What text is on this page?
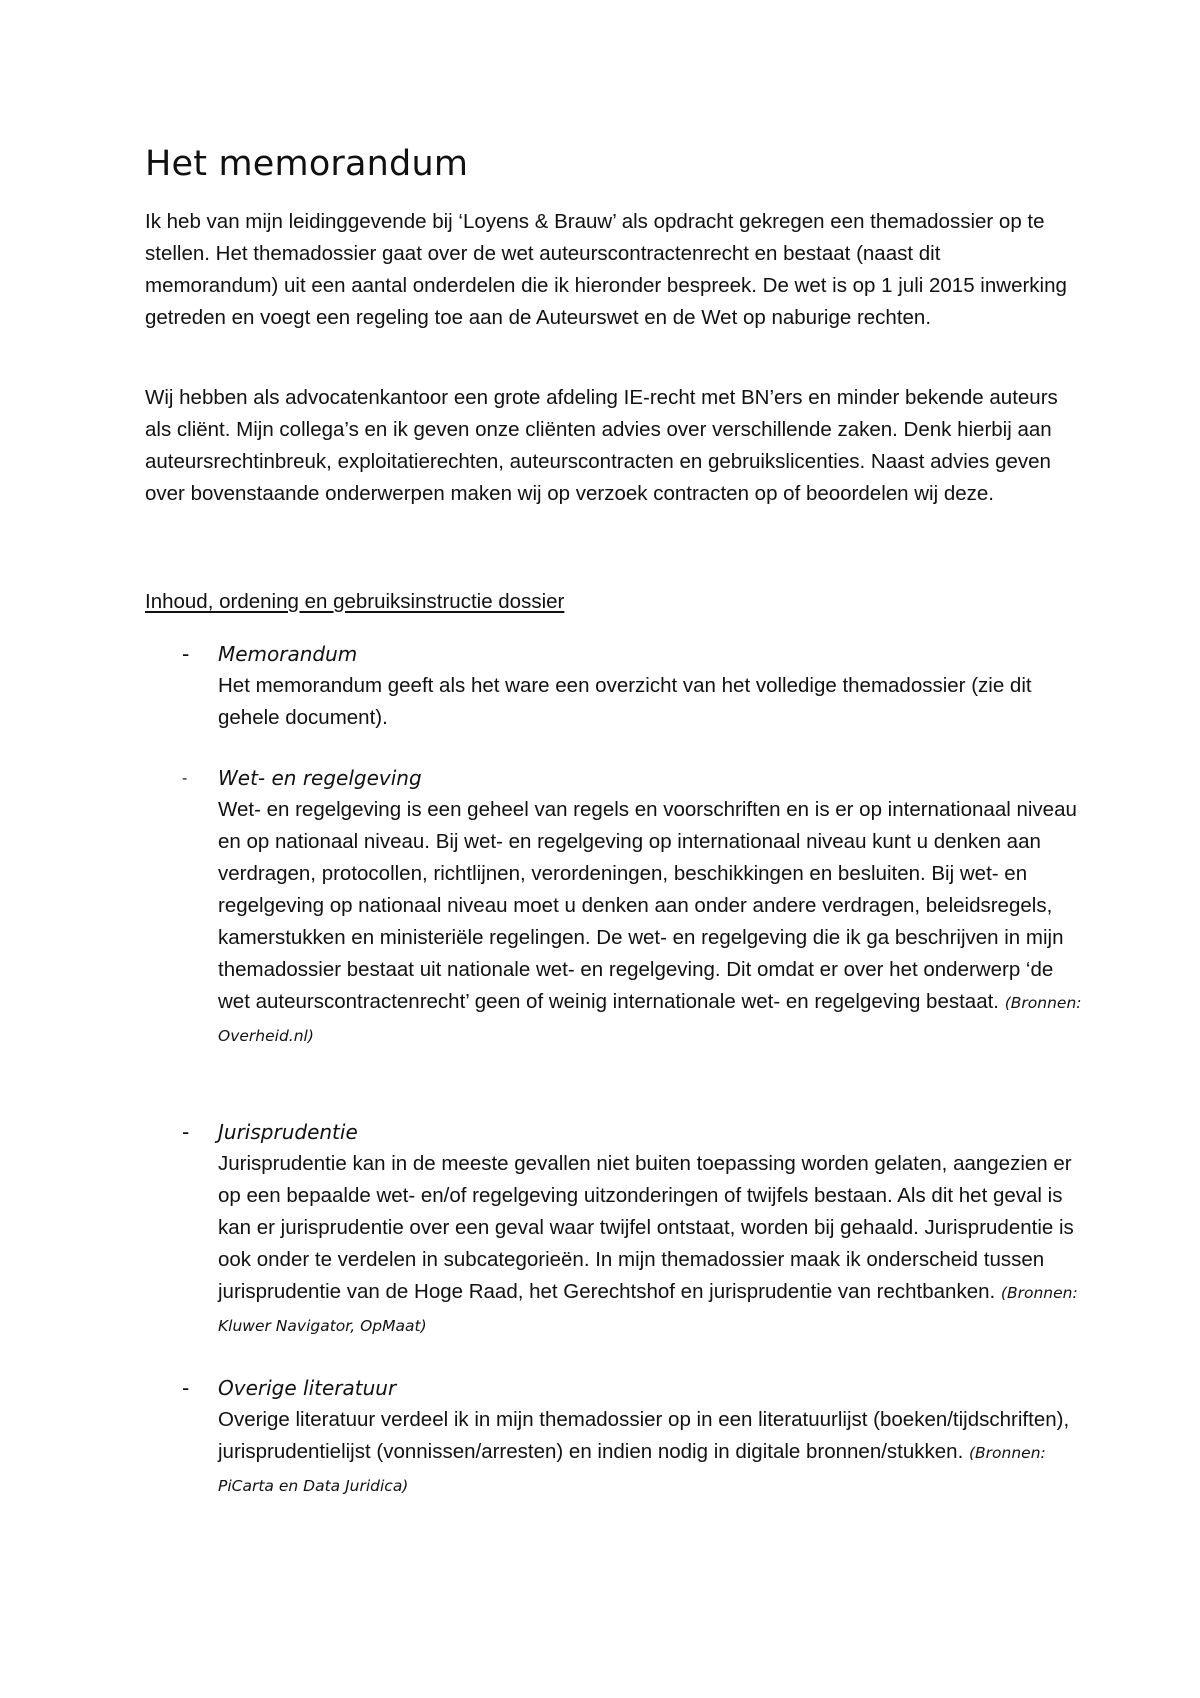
Het memorandum

Ik heb van mijn leidinggevende bij ‘Loyens & Brauw’ als opdracht gekregen een themadossier op te stellen. Het themadossier gaat over de wet auteurscontractenrecht en bestaat (naast dit memorandum) uit een aantal onderdelen die ik hieronder bespreek. De wet is op 1 juli 2015 inwerking getreden en voegt een regeling toe aan de Auteurswet en de Wet op naburige rechten.

Wij hebben als advocatenkantoor een grote afdeling IE-recht met BN’ers en minder bekende auteurs als cliënt. Mijn collega’s en ik geven onze cliënten advies over verschillende zaken. Denk hierbij aan auteursrechtinbreuk, exploitatierechten, auteurscontracten en gebruikslicenties. Naast advies geven over bovenstaande onderwerpen maken wij op verzoek contracten op of beoordelen wij deze.

Inhoud, ordening en gebruiksinstructie dossier
- Memorandum

Het memorandum geeft als het ware een overzicht van het volledige themadossier (zie dit gehele document).

- Wet- en regelgeving

Wet- en regelgeving is een geheel van regels en voorschriften en is er op internationaal niveau en op nationaal niveau. Bij wet- en regelgeving op internationaal niveau kunt u denken aan verdragen, protocollen, richtlijnen, verordeningen, beschikkingen en besluiten. Bij wet- en regelgeving op nationaal niveau moet u denken aan onder andere verdragen, beleidsregels, kamerstukken en ministeriële regelingen. De wet- en regelgeving die ik ga beschrijven in mijn themadossier bestaat uit nationale wet- en regelgeving. Dit omdat er over het onderwerp ‘de wet auteurscontractenrecht’ geen of weinig internationale wet- en regelgeving bestaat. (Bronnen: Overheid.nl)

- Jurisprudentie

Jurisprudentie kan in de meeste gevallen niet buiten toepassing worden gelaten, aangezien er op een bepaalde wet- en/of regelgeving uitzonderingen of twijfels bestaan. Als dit het geval is kan er jurisprudentie over een geval waar twijfel ontstaat, worden bij gehaald. Jurisprudentie is ook onder te verdelen in subcategorieën. In mijn themadossier maak ik onderscheid tussen jurisprudentie van de Hoge Raad, het Gerechtshof en jurisprudentie van rechtbanken. (Bronnen: Kluwer Navigator, OpMaat)

- Overige literatuur

Overige literatuur verdeel ik in mijn themadossier op in een literatuurlijst (boeken/tijdschriften), jurisprudentielijst (vonnissen/arresten) en indien nodig in digitale bronnen/stukken. (Bronnen: PiCarta en Data Juridica)
